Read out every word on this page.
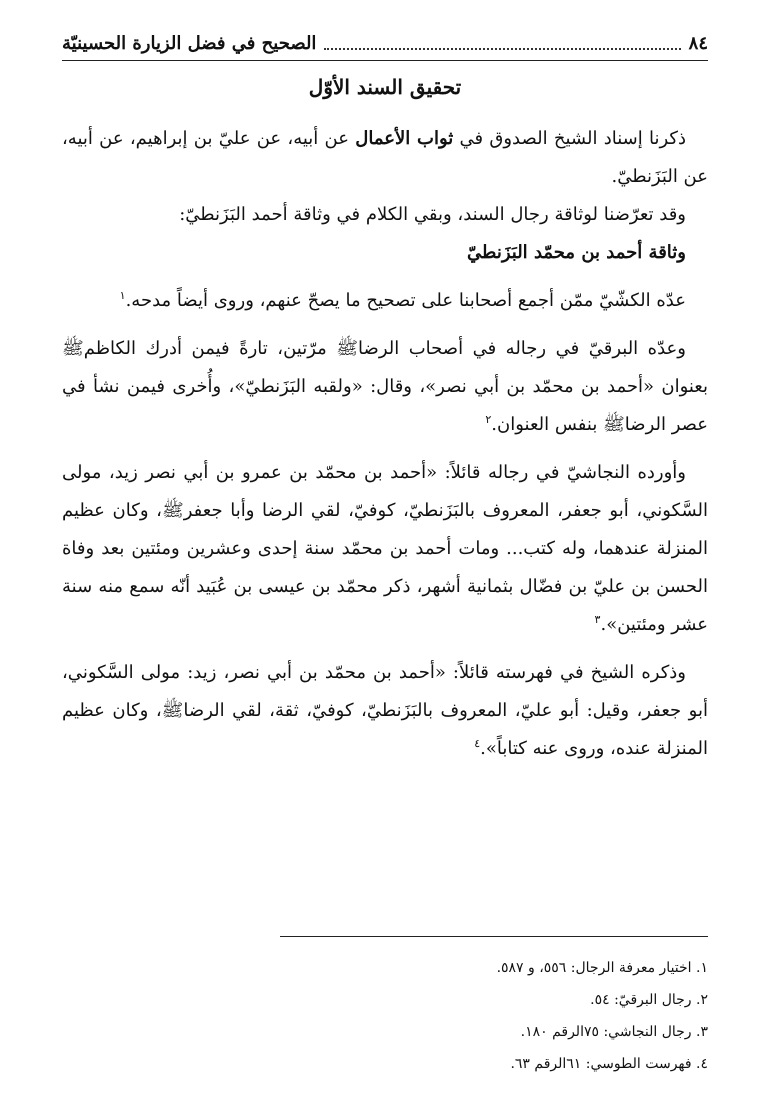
٨٤
الصحيح في فضل الزيارة الحسينيّة
تحقيق السند الأوّل

ذكرنا إسناد الشيخ الصدوق في ثواب الأعمال عن أبيه، عن عليّ بن إبراهيم، عن أبيه، عن البَزَنطيّ.

وقد تعرّضنا لوثاقة رجال السند، وبقي الكلام في وثاقة أحمد البَزَنطيّ:

وثاقة أحمد بن محمّد البَزَنطيّ

عدّه الكشّيّ ممّن أجمع أصحابنا على تصحيح ما يصحّ عنهم، وروى أيضاً مدحه.$^١$

وعدّه البرقيّ في رجاله في أصحاب الرضاﷺ مرّتين، تارةً فيمن أدرك الكاظمﷺ بعنوان «أحمد بن محمّد بن أبي نصر»، وقال: «ولقبه البَزَنطيّ»، وأُخرى فيمن نشأ في عصر الرضاﷺ بنفس العنوان.$^٢$

وأورده النجاشيّ في رجاله قائلاً: «أحمد بن محمّد بن عمرو بن أبي نصر زيد، مولى السَّكوني، أبو جعفر، المعروف بالبَزَنطيّ، كوفيّ، لقي الرضا وأبا جعفرﷺ، وكان عظيم المنزلة عندهما، وله كتب... ومات أحمد بن محمّد سنة إحدى وعشرين ومئتين بعد وفاة الحسن بن عليّ بن فضّال بثمانية أشهر، ذكر محمّد بن عيسى بن عُبَيد أنّه سمع منه سنة عشر ومئتين».$^٣$

وذكره الشيخ في فهرسته قائلاً: «أحمد بن محمّد بن أبي نصر، زيد: مولى السَّكوني، أبو جعفر، وقيل: أبو عليّ، المعروف بالبَزَنطيّ، كوفيّ، ثقة، لقي الرضاﷺ، وكان عظيم المنزلة عنده، وروى عنه كتاباً».$^٤$

١. اختيار معرفة الرجال: ٥٥٦، و ٥٨٧.
٢. رجال البرقيّ: ٥٤.
٣. رجال النجاشي: ٧٥الرقم ١٨٠.
٤. فهرست الطوسي: ٦١الرقم ٦٣.
